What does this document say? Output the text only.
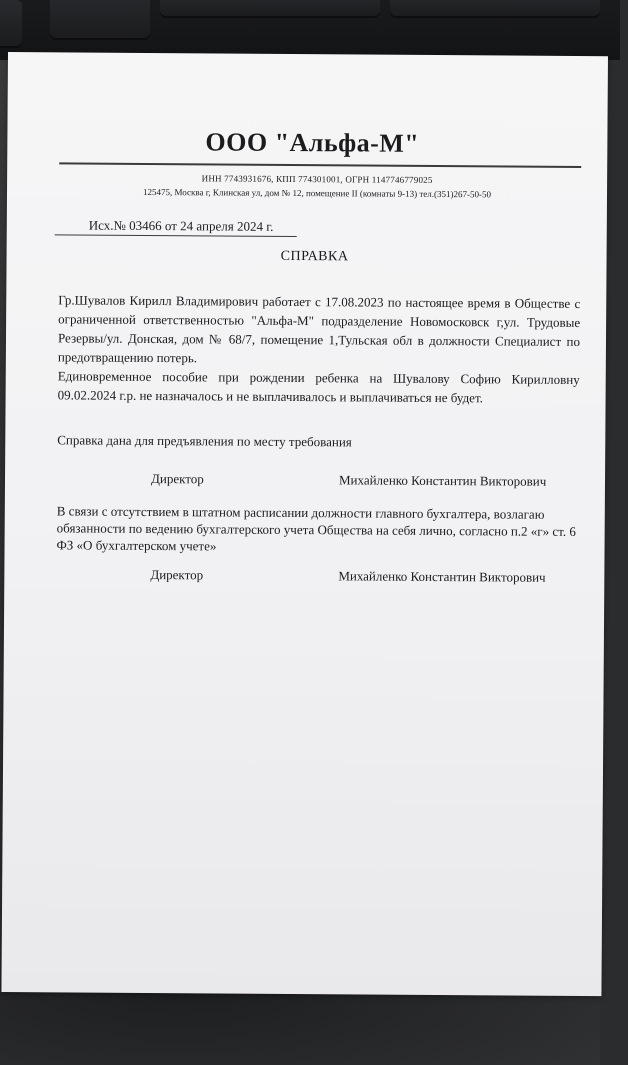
ООО "Альфа-М"
ИНН 7743931676, КПП 774301001, ОГРН 1147746779025
125475, Москва г, Клинская ул, дом № 12, помещение II (комнаты 9-13) тел.(351)267-50-50
Исх.№ 03466 от 24 апреля 2024 г.
СПРАВКА

Гр.Шувалов Кирилл Владимирович работает с 17.08.2023 по настоящее время в Обществе с ограниченной ответственностью "Альфа-М" подразделение Новомосковск г,ул. Трудовые Резервы/ул. Донская, дом № 68/7, помещение 1,Тульская обл в должности Специалист по предотвращению потерь.

Единовременное пособие при рождении ребенка на Шувалову Софию Кирилловну 09.02.2024 г.р. не назначалось и не выплачивалось и выплачиваться не будет.

Справка дана для предъявления по месту требования
Директор	Михайленко Константин Викторович

В связи с отсутствием в штатном расписании должности главного бухгалтера, возлагаю обязанности по ведению бухгалтерского учета Общества на себя лично, согласно п.2 «г» ст. 6 ФЗ «О бухгалтерском учете»

Директор	Михайленко Константин Викторович
